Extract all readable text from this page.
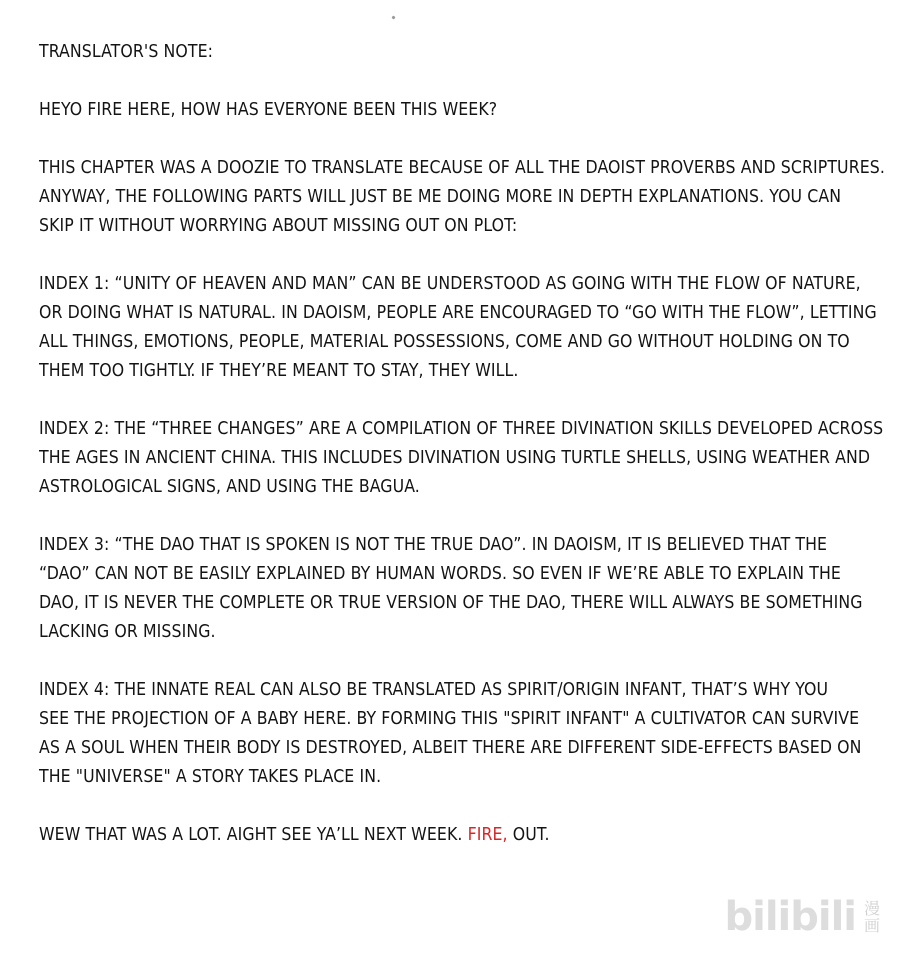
TRANSLATOR'S NOTE:

HEYO FIRE HERE, HOW HAS EVERYONE BEEN THIS WEEK?

THIS CHAPTER WAS A DOOZIE TO TRANSLATE BECAUSE OF ALL THE DAOIST PROVERBS AND SCRIPTURES.
ANYWAY, THE FOLLOWING PARTS WILL JUST BE ME DOING MORE IN DEPTH EXPLANATIONS. YOU CAN
SKIP IT WITHOUT WORRYING ABOUT MISSING OUT ON PLOT:

INDEX 1: “UNITY OF HEAVEN AND MAN” CAN BE UNDERSTOOD AS GOING WITH THE FLOW OF NATURE,
OR DOING WHAT IS NATURAL. IN DAOISM, PEOPLE ARE ENCOURAGED TO “GO WITH THE FLOW”, LETTING
ALL THINGS, EMOTIONS, PEOPLE, MATERIAL POSSESSIONS, COME AND GO WITHOUT HOLDING ON TO
THEM TOO TIGHTLY. IF THEY’RE MEANT TO STAY, THEY WILL.

INDEX 2: THE “THREE CHANGES” ARE A COMPILATION OF THREE DIVINATION SKILLS DEVELOPED ACROSS
THE AGES IN ANCIENT CHINA. THIS INCLUDES DIVINATION USING TURTLE SHELLS, USING WEATHER AND
ASTROLOGICAL SIGNS, AND USING THE BAGUA.

INDEX 3: “THE DAO THAT IS SPOKEN IS NOT THE TRUE DAO”. IN DAOISM, IT IS BELIEVED THAT THE
“DAO” CAN NOT BE EASILY EXPLAINED BY HUMAN WORDS. SO EVEN IF WE’RE ABLE TO EXPLAIN THE
DAO, IT IS NEVER THE COMPLETE OR TRUE VERSION OF THE DAO, THERE WILL ALWAYS BE SOMETHING
LACKING OR MISSING.

INDEX 4: THE INNATE REAL CAN ALSO BE TRANSLATED AS SPIRIT/ORIGIN INFANT, THAT’S WHY YOU
SEE THE PROJECTION OF A BABY HERE. BY FORMING THIS "SPIRIT INFANT" A CULTIVATOR CAN SURVIVE
AS A SOUL WHEN THEIR BODY IS DESTROYED, ALBEIT THERE ARE DIFFERENT SIDE-EFFECTS BASED ON
THE "UNIVERSE" A STORY TAKES PLACE IN.

WEW THAT WAS A LOT. AIGHT SEE YA’LL NEXT WEEK. FIRE, OUT.

bilibili 漫画
